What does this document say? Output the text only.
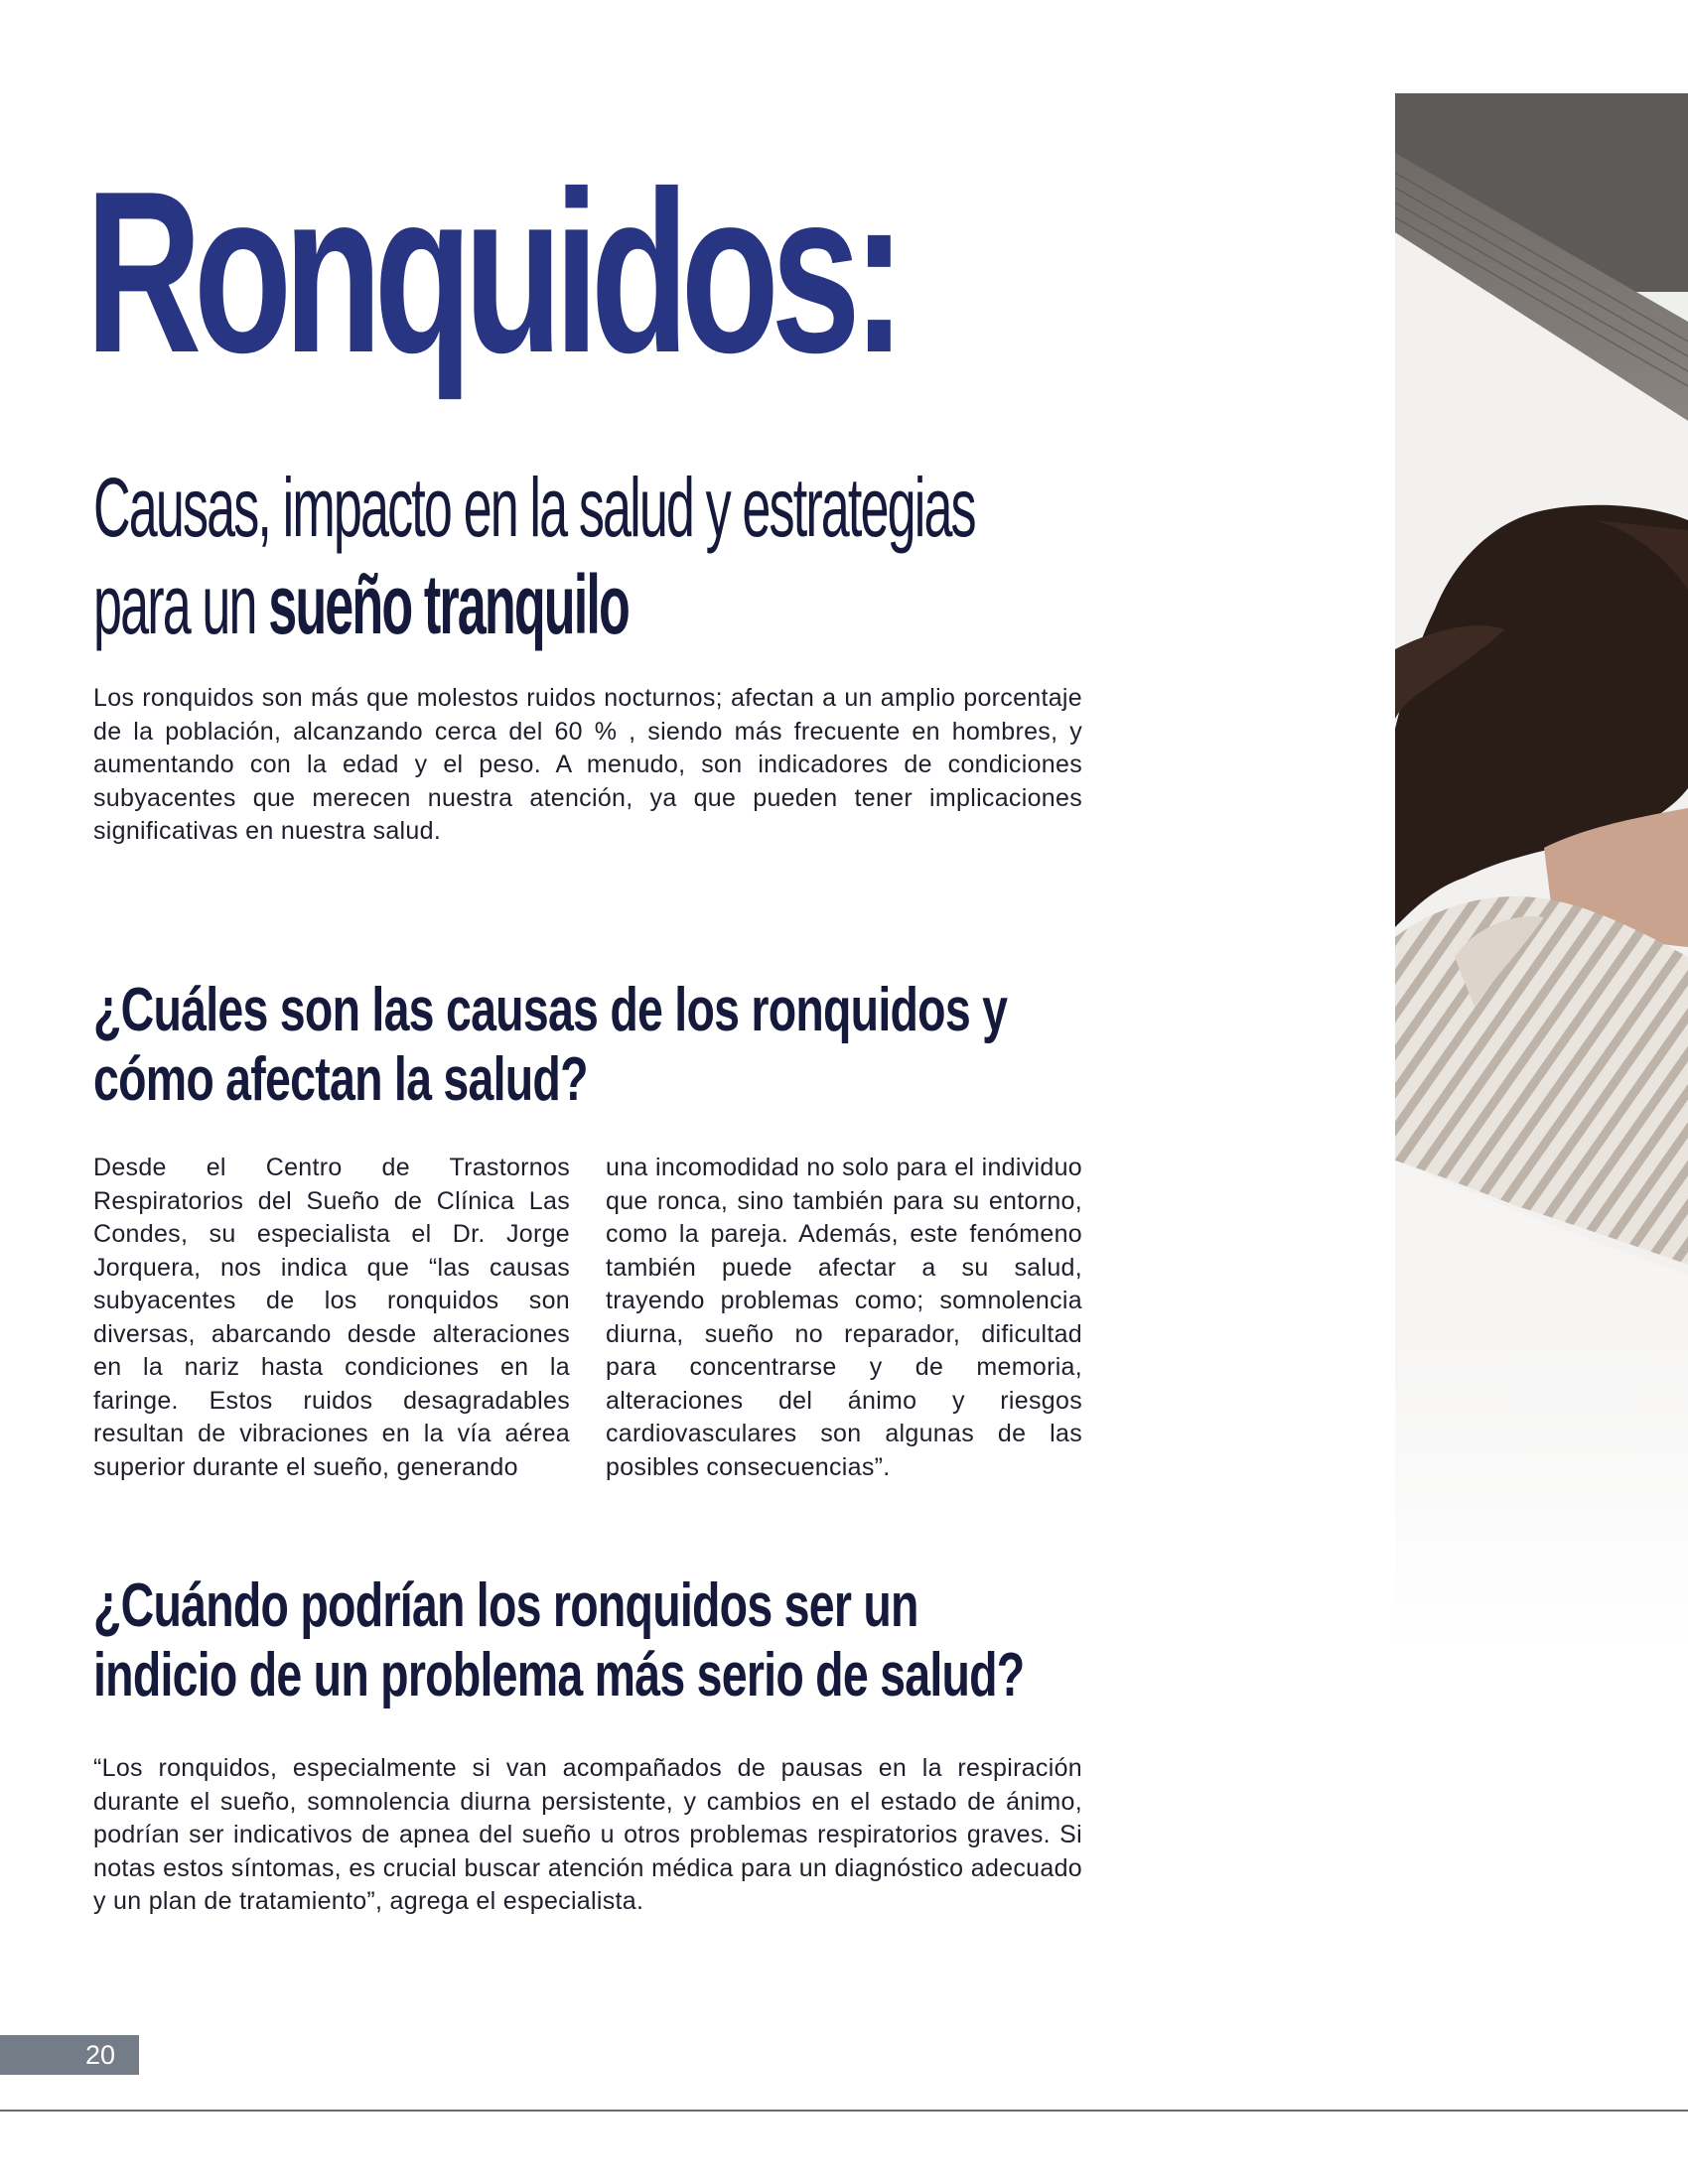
Ronquidos:
Causas, impacto en la salud y estrategias
para un sueño tranquilo

Los ronquidos son más que molestos ruidos nocturnos; afectan a un amplio porcentaje de la población, alcanzando cerca del 60 % , siendo más frecuente en hombres, y aumentando con la edad y el peso. A menudo, son indicadores de condiciones subyacentes que merecen nuestra atención, ya que pueden tener implicaciones significativas en nuestra salud.

¿Cuáles son las causas de los ronquidos y
cómo afectan la salud?

Desde el Centro de Trastornos Respiratorios del Sueño de Clínica Las Condes, su especialista el Dr. Jorge Jorquera, nos indica que “las causas subyacentes de los ronquidos son diversas, abarcando desde alteraciones en la nariz hasta condiciones en la faringe. Estos ruidos desagradables resultan de vibraciones en la vía aérea superior durante el sueño, generando

una incomodidad no solo para el individuo que ronca, sino también para su entorno, como la pareja. Además, este fenómeno también puede afectar a su salud, trayendo problemas como; somnolencia diurna, sueño no reparador, dificultad para concentrarse y de memoria, alteraciones del ánimo y riesgos cardiovasculares son algunas de las posibles consecuencias”.

¿Cuándo podrían los ronquidos ser un
indicio de un problema más serio de salud?

“Los ronquidos, especialmente si van acompañados de pausas en la respiración durante el sueño, somnolencia diurna persistente, y cambios en el estado de ánimo, podrían ser indicativos de apnea del sueño u otros problemas respiratorios graves. Si notas estos síntomas, es crucial buscar atención médica para un diagnóstico adecuado y un plan de tratamiento”, agrega el especialista.

20
